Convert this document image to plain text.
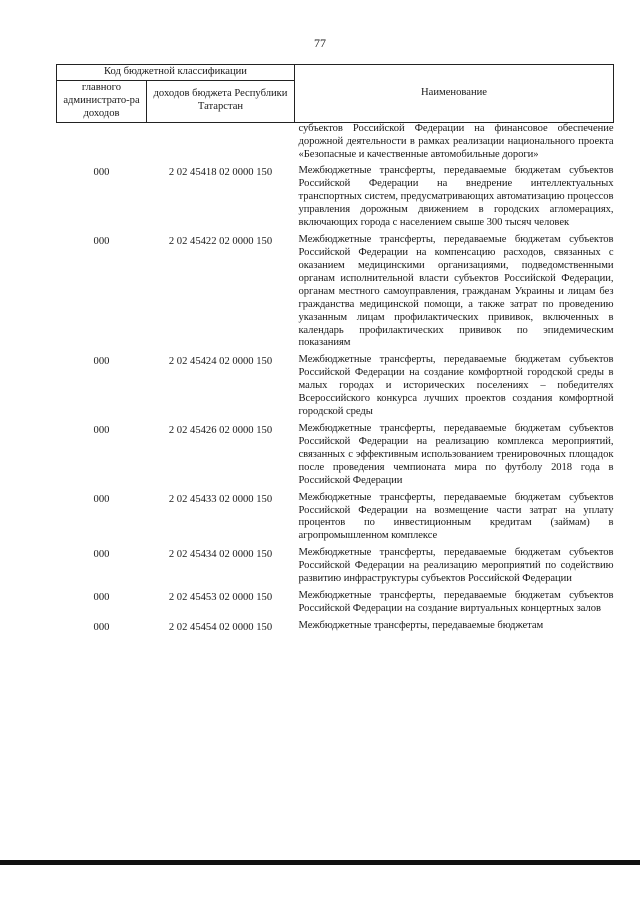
77
Код бюджетной классификации		Наименование
главного администрато-ра доходов	доходов бюджета Республики Татарстан	
		субъектов Российской Федерации на финансовое обеспечение дорожной деятельности в рамках реализации национального проекта «Безопасные и качественные автомобильные дороги»
000	2 02 45418 02 0000 150	Межбюджетные трансферты, передаваемые бюджетам субъектов Российской Федерации на внедрение интеллектуальных транспортных систем, предусматривающих автоматизацию процессов управления дорожным движением в городских агломерациях, включающих города с населением свыше 300 тысяч человек
000	2 02 45422 02 0000 150	Межбюджетные трансферты, передаваемые бюджетам субъектов Российской Федерации на компенсацию расходов, связанных с оказанием медицинскими организациями, подведомственными органам исполнительной власти субъектов Российской Федерации, органам местного самоуправления, гражданам Украины и лицам без гражданства медицинской помощи, а также затрат по проведению указанным лицам профилактических прививок, включенных в календарь профилактических прививок по эпидемическим показаниям
000	2 02 45424 02 0000 150	Межбюджетные трансферты, передаваемые бюджетам субъектов Российской Федерации на создание комфортной городской среды в малых городах и исторических поселениях – победителях Всероссийского конкурса лучших проектов создания комфортной городской среды
000	2 02 45426 02 0000 150	Межбюджетные трансферты, передаваемые бюджетам субъектов Российской Федерации на реализацию комплекса мероприятий, связанных с эффективным использованием тренировочных площадок после проведения чемпионата мира по футболу 2018 года в Российской Федерации
000	2 02 45433 02 0000 150	Межбюджетные трансферты, передаваемые бюджетам субъектов Российской Федерации на возмещение части затрат на уплату процентов по инвестиционным кредитам (займам) в агропромышленном комплексе
000	2 02 45434 02 0000 150	Межбюджетные трансферты, передаваемые бюджетам субъектов Российской Федерации на реализацию мероприятий по содействию развитию инфраструктуры субъектов Российской Федерации
000	2 02 45453 02 0000 150	Межбюджетные трансферты, передаваемые бюджетам субъектов Российской Федерации на создание виртуальных концертных залов
000	2 02 45454 02 0000 150	Межбюджетные трансферты, передаваемые бюджетам
